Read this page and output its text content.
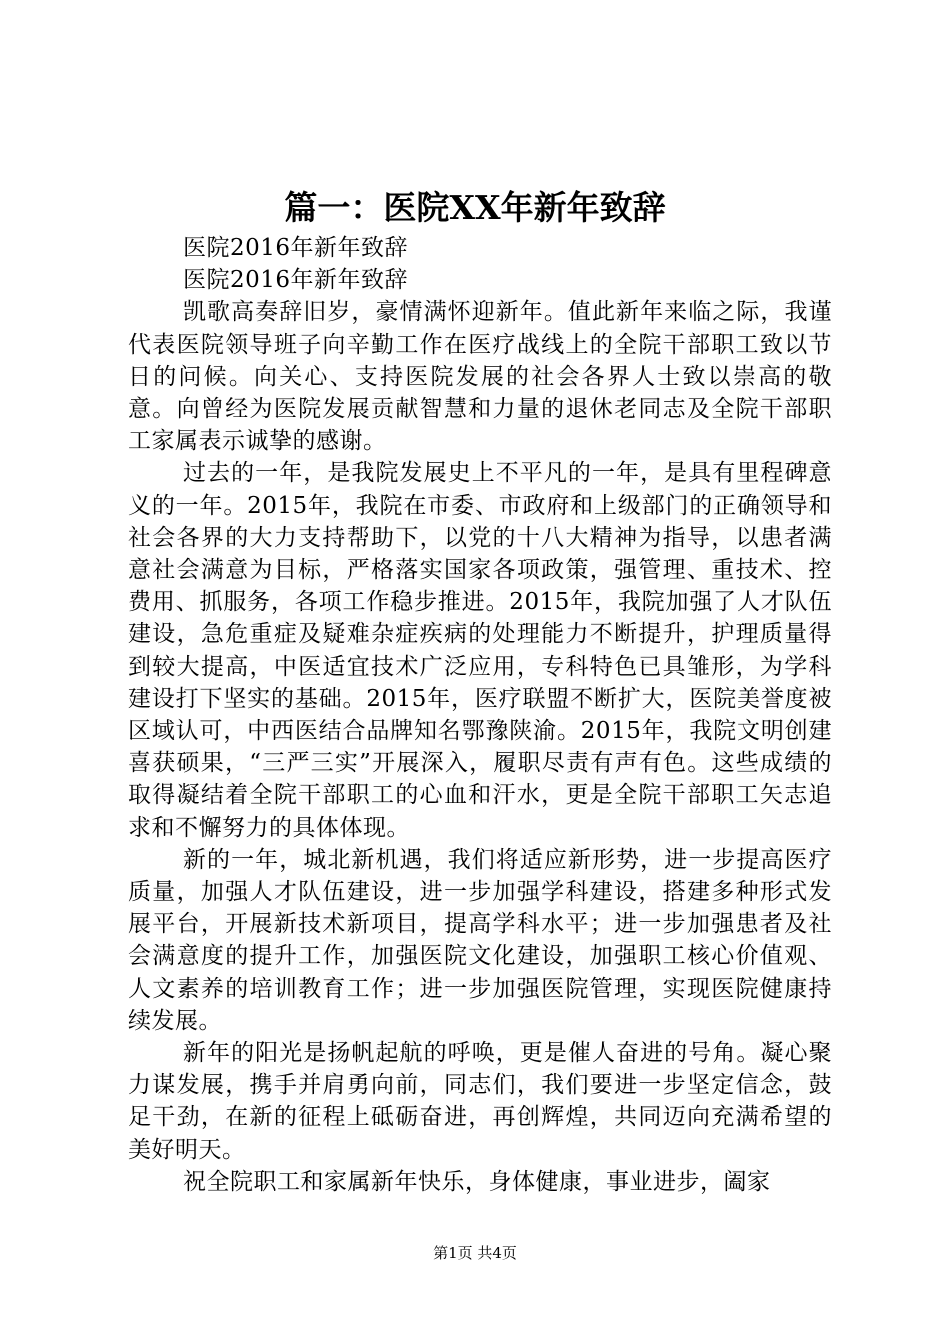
篇一：医院XX年新年致辞

医院2016年新年致辞

医院2016年新年致辞

凯歌高奏辞旧岁，豪情满怀迎新年。值此新年来临之际，我谨代表医院领导班子向辛勤工作在医疗战线上的全院干部职工致以节日的问候。向关心、支持医院发展的社会各界人士致以崇高的敬意。向曾经为医院发展贡献智慧和力量的退休老同志及全院干部职工家属表示诚挚的感谢。

过去的一年，是我院发展史上不平凡的一年，是具有里程碑意义的一年。2015年，我院在市委、市政府和上级部门的正确领导和社会各界的大力支持帮助下，以党的十八大精神为指导，以患者满意社会满意为目标，严格落实国家各项政策，强管理、重技术、控费用、抓服务，各项工作稳步推进。2015年，我院加强了人才队伍建设，急危重症及疑难杂症疾病的处理能力不断提升，护理质量得到较大提高，中医适宜技术广泛应用，专科特色已具雏形，为学科建设打下坚实的基础。2015年，医疗联盟不断扩大，医院美誉度被区域认可，中西医结合品牌知名鄂豫陕渝。2015年，我院文明创建喜获硕果，“三严三实”开展深入，履职尽责有声有色。这些成绩的取得凝结着全院干部职工的心血和汗水，更是全院干部职工矢志追求和不懈努力的具体体现。

新的一年，城北新机遇，我们将适应新形势，进一步提高医疗质量，加强人才队伍建设，进一步加强学科建设，搭建多种形式发展平台，开展新技术新项目，提高学科水平；进一步加强患者及社会满意度的提升工作，加强医院文化建设，加强职工核心价值观、人文素养的培训教育工作；进一步加强医院管理，实现医院健康持续发展。

新年的阳光是扬帆起航的呼唤，更是催人奋进的号角。凝心聚力谋发展，携手并肩勇向前，同志们，我们要进一步坚定信念，鼓足干劲，在新的征程上砥砺奋进，再创辉煌，共同迈向充满希望的美好明天。

祝全院职工和家属新年快乐，身体健康，事业进步，阖家

第1页 共4页
